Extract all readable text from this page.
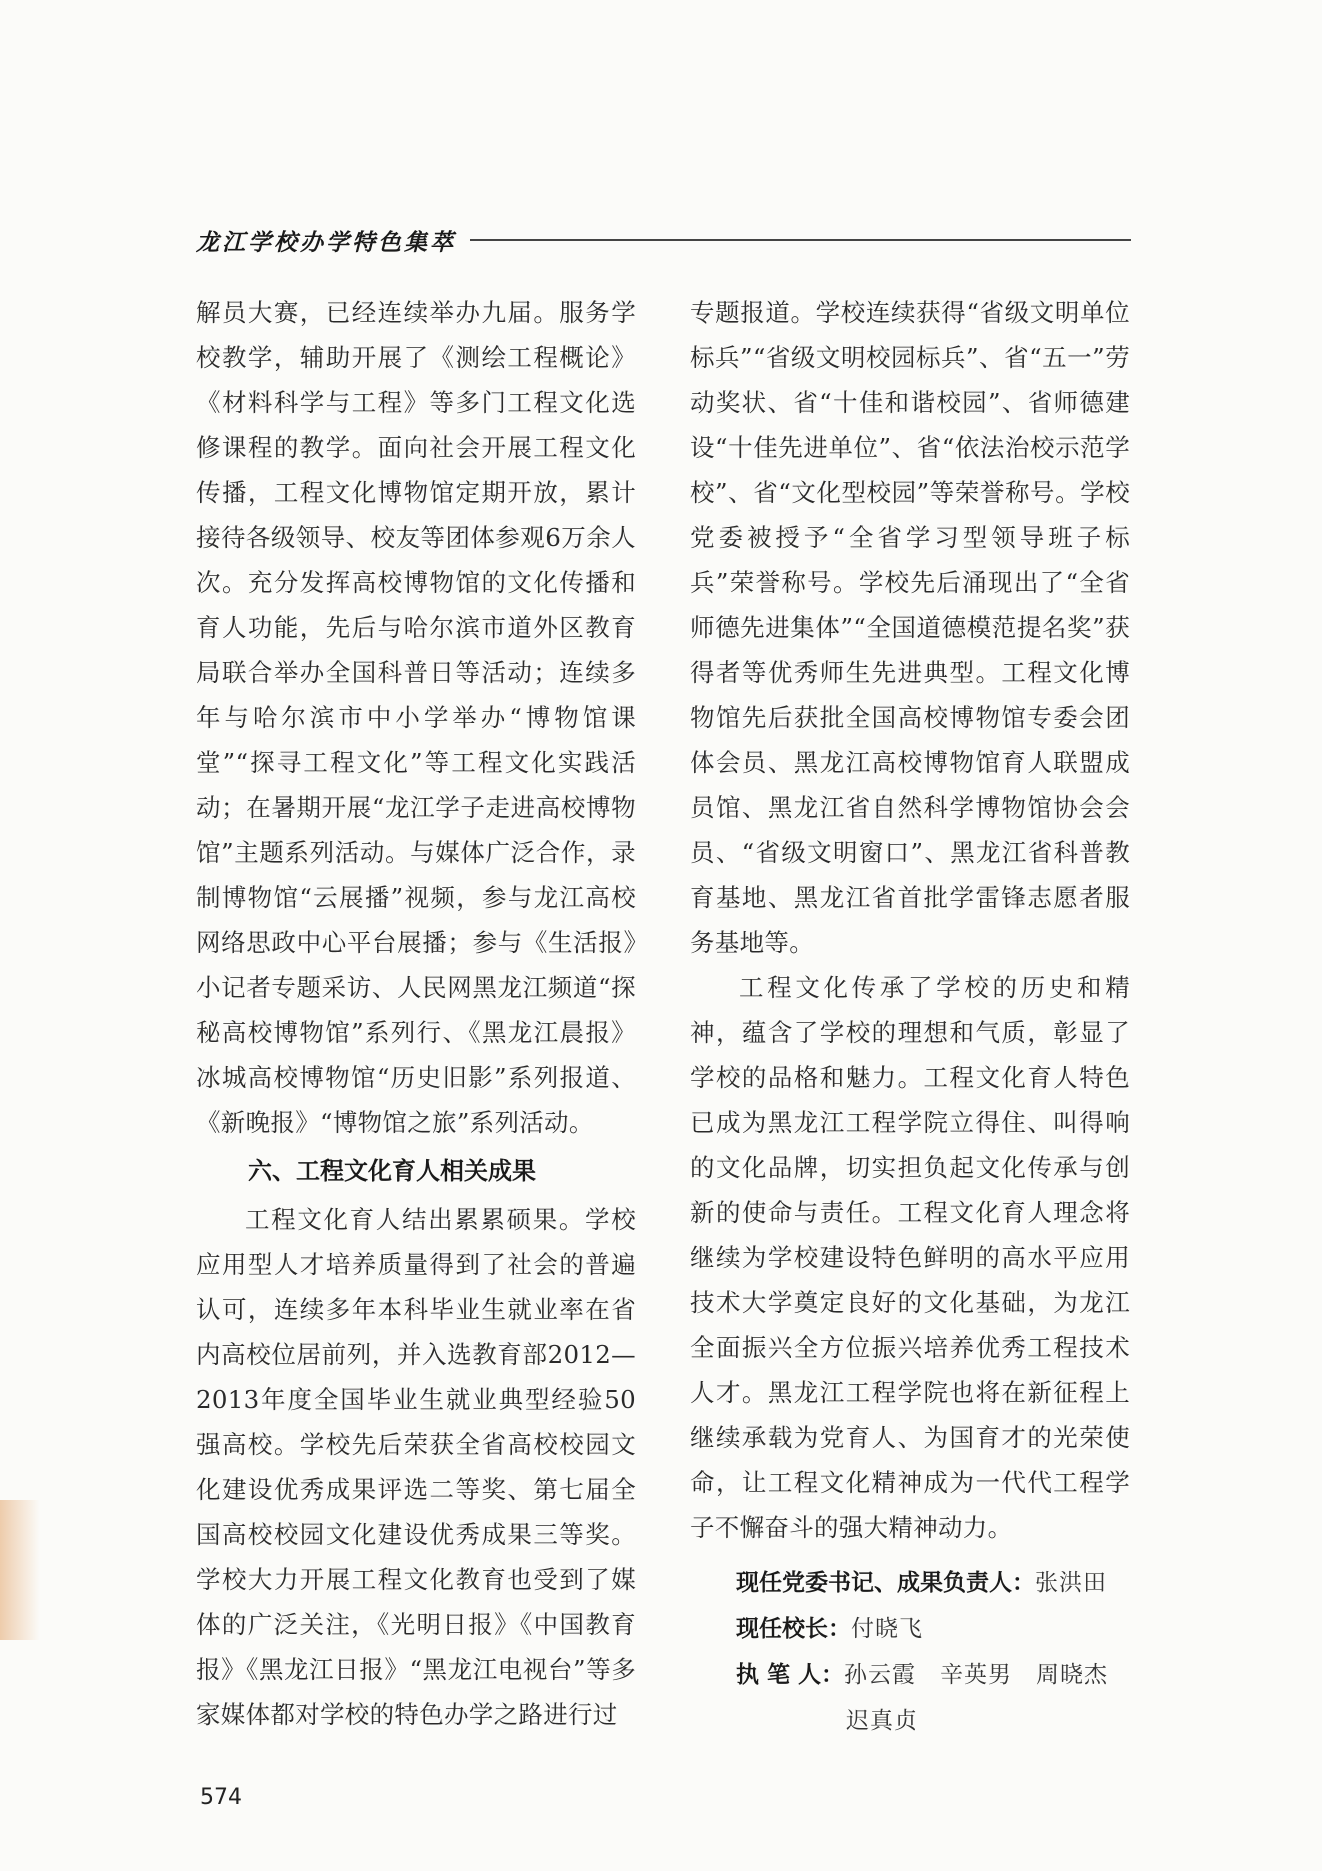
龙江学校办学特色集萃

解员大赛，已经连续举办九届。服务学校教学，辅助开展了《测绘工程概论》《材料科学与工程》等多门工程文化选修课程的教学。面向社会开展工程文化传播，工程文化博物馆定期开放，累计接待各级领导、校友等团体参观6万余人次。充分发挥高校博物馆的文化传播和育人功能，先后与哈尔滨市道外区教育局联合举办全国科普日等活动；连续多年与哈尔滨市中小学举办“博物馆课堂”“探寻工程文化”等工程文化实践活动；在暑期开展“龙江学子走进高校博物馆”主题系列活动。与媒体广泛合作，录制博物馆“云展播”视频，参与龙江高校网络思政中心平台展播；参与《生活报》小记者专题采访、人民网黑龙江频道“探秘高校博物馆”系列行、《黑龙江晨报》冰城高校博物馆“历史旧影”系列报道、《新晚报》“博物馆之旅”系列活动。

六、工程文化育人相关成果

工程文化育人结出累累硕果。学校应用型人才培养质量得到了社会的普遍认可，连续多年本科毕业生就业率在省内高校位居前列，并入选教育部2012—2013年度全国毕业生就业典型经验50强高校。学校先后荣获全省高校校园文化建设优秀成果评选二等奖、第七届全国高校校园文化建设优秀成果三等奖。学校大力开展工程文化教育也受到了媒体的广泛关注，《光明日报》《中国教育报》《黑龙江日报》“黑龙江电视台”等多家媒体都对学校的特色办学之路进行过

专题报道。学校连续获得“省级文明单位标兵”“省级文明校园标兵”、省“五一”劳动奖状、省“十佳和谐校园”、省师德建设“十佳先进单位”、省“依法治校示范学校”、省“文化型校园”等荣誉称号。学校党委被授予“全省学习型领导班子标兵”荣誉称号。学校先后涌现出了“全省师德先进集体”“全国道德模范提名奖”获得者等优秀师生先进典型。工程文化博物馆先后获批全国高校博物馆专委会团体会员、黑龙江高校博物馆育人联盟成员馆、黑龙江省自然科学博物馆协会会员、“省级文明窗口”、黑龙江省科普教育基地、黑龙江省首批学雷锋志愿者服务基地等。

工程文化传承了学校的历史和精神，蕴含了学校的理想和气质，彰显了学校的品格和魅力。工程文化育人特色已成为黑龙江工程学院立得住、叫得响的文化品牌，切实担负起文化传承与创新的使命与责任。工程文化育人理念将继续为学校建设特色鲜明的高水平应用技术大学奠定良好的文化基础，为龙江全面振兴全方位振兴培养优秀工程技术人才。黑龙江工程学院也将在新征程上继续承载为党育人、为国育才的光荣使命，让工程文化精神成为一代代工程学子不懈奋斗的强大精神动力。

现任党委书记、成果负责人：张洪田
现任校长：付晓飞
执 笔 人：孙云霞　辛英男　周晓杰
迟真贞
574
